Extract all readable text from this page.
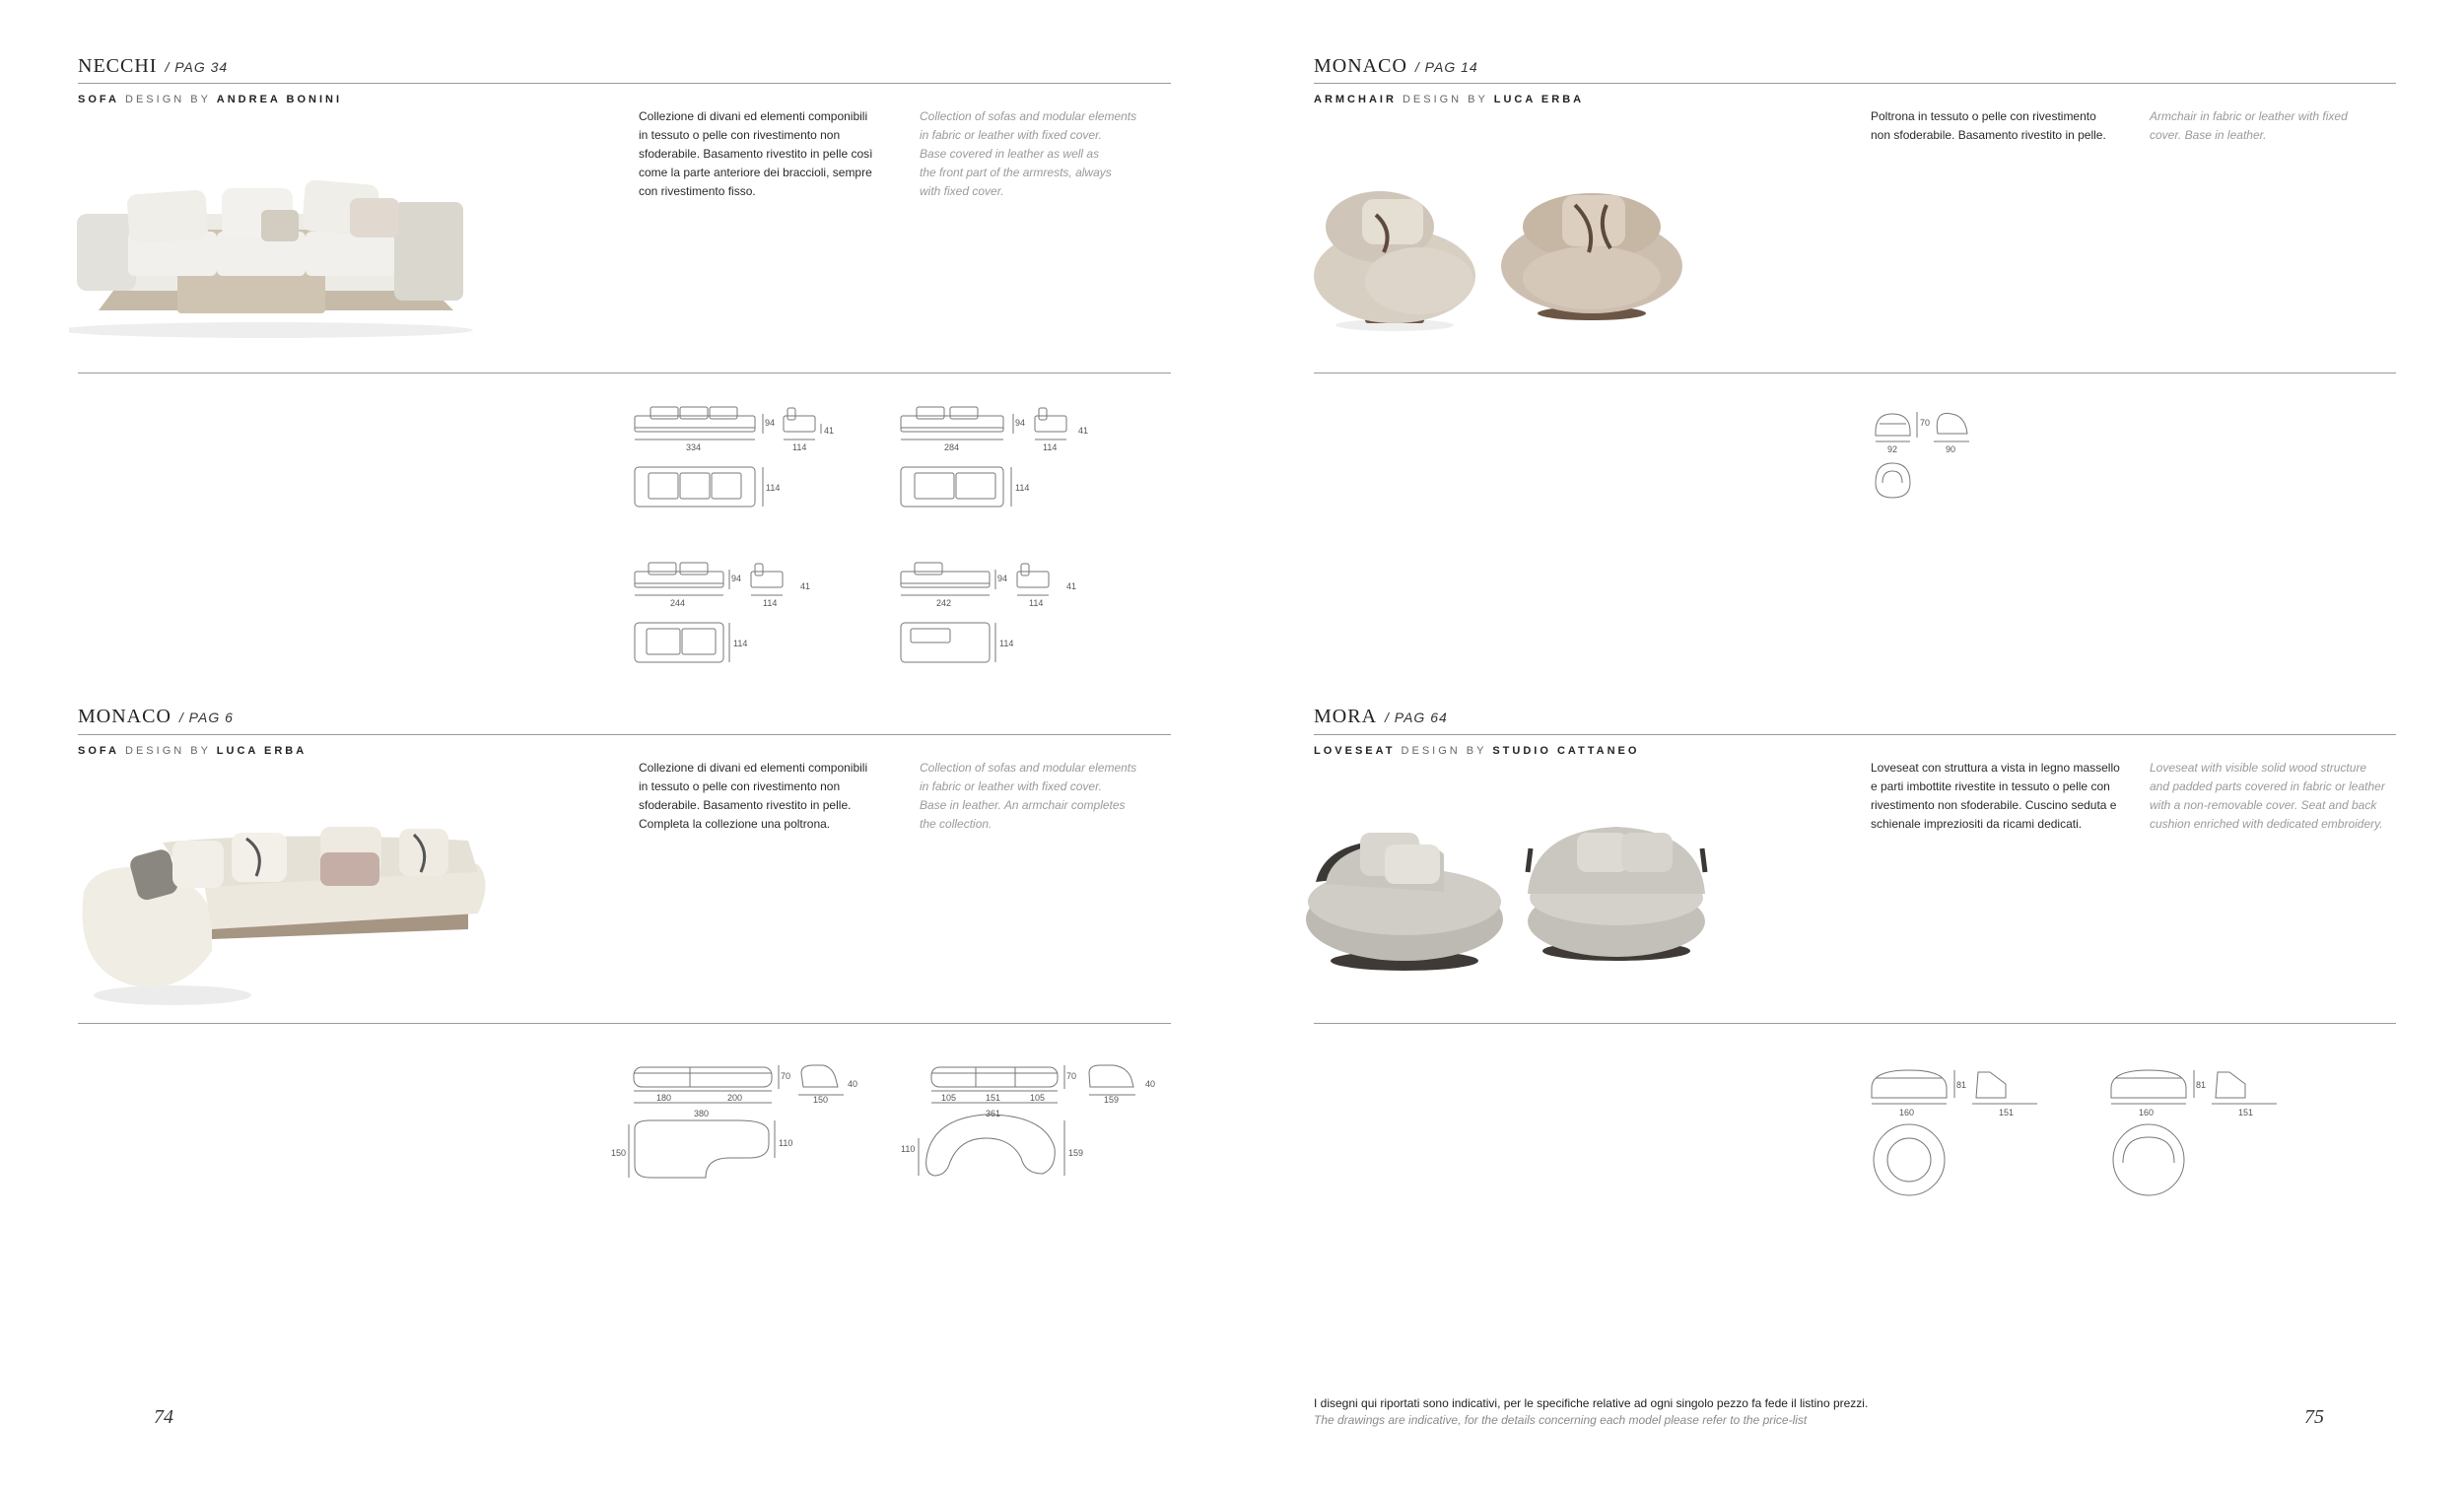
NECCHI / PAG 34
SOFA DESIGN BY ANDREA BONINI
Collezione di divani ed elementi componibili
in tessuto o pelle con rivestimento non
sfoderabile. Basamento rivestito in pelle così
come la parte anteriore dei braccioli, sempre
con rivestimento fisso.
Collection of sofas and modular elements
in fabric or leather with fixed cover.
Base covered in leather as well as
the front part of the armrests, always
with fixed cover.
94
41
334	114
114
94
41
284	114
114
94
41
244	114
114
94
41
242	114
114
MONACO / PAG 14
ARMCHAIR DESIGN BY LUCA ERBA
Poltrona in tessuto o pelle con rivestimento
non sfoderabile. Basamento rivestito in pelle.
Armchair in fabric or leather with fixed
cover. Base in leather.
70
92	90
MONACO / PAG 6
SOFA DESIGN BY LUCA ERBA
Collezione di divani ed elementi componibili
in tessuto o pelle con rivestimento non
sfoderabile. Basamento rivestito in pelle.
Completa la collezione una poltrona.
Collection of sofas and modular elements
in fabric or leather with fixed cover.
Base in leather. An armchair completes
the collection.
70
40
180	200	150
380
150
110
70
40
105	151	105	159
361
110	159
MORA / PAG 64
LOVESEAT DESIGN BY STUDIO CATTANEO
Loveseat con struttura a vista in legno massello
e parti imbottite rivestite in tessuto o pelle con
rivestimento non sfoderabile. Cuscino seduta e
schienale impreziositi da ricami dedicati.
Loveseat with visible solid wood structure
and padded parts covered in fabric or leather
with a non-removable cover. Seat and back
cushion enriched with dedicated embroidery.
81
160	151
81
160	151
74
I disegni qui riportati sono indicativi, per le specifiche relative ad ogni singolo pezzo fa fede il listino prezzi.
The drawings are indicative, for the details concerning each model please refer to the price-list	75
